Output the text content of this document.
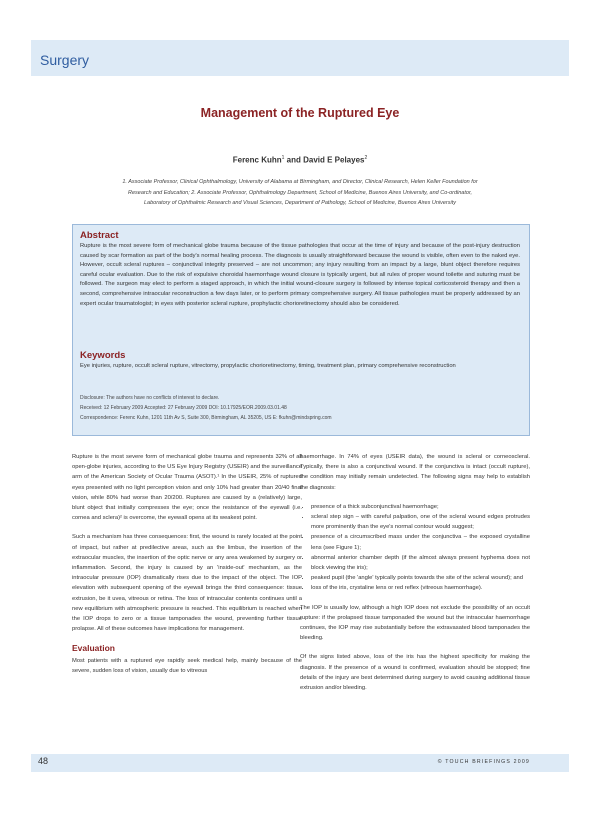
Surgery
Management of the Ruptured Eye
Ferenc Kuhn$^1$ and David E Pelayes$^2$
1. Associate Professor, Clinical Ophthalmology, University of Alabama at Birmingham, and Director, Clinical Research, Helen Keller Foundation for
Research and Education; 2. Associate Professor, Ophthalmology Department, School of Medicine, Buenos Aires University, and Co-ordinator,
Laboratory of Ophthalmic Research and Visual Sciences, Department of Pathology, School of Medicine, Buenos Aires University
Abstract
Rupture is the most severe form of mechanical globe trauma because of the tissue pathologies that occur at the time of injury and because of the post-injury destruction caused by scar formation as part of the body's normal healing process. The diagnosis is usually straightforward because the wound is visible, often even to the naked eye. However, occult scleral ruptures – conjunctival integrity preserved – are not uncommon; any injury resulting from an impact by a large, blunt object therefore requires careful ocular evaluation. Due to the risk of expulsive choroidal haemorrhage wound closure is typically urgent, but all rules of proper wound toilette and suturing must be followed. The surgeon may elect to perform a staged approach, in which the initial wound-closure surgery is followed by intense topical corticosteroid therapy and then a second, comprehensive intraocular reconstruction a few days later, or to perform primary comprehensive surgery. All tissue pathologies must be properly addressed by an expert ocular traumatologist; in eyes with posterior scleral rupture, prophylactic chorioretinectomy should also be considered.
Keywords
Eye injuries, rupture, occult scleral rupture, vitrectomy, propylactic chorioretinectomy, timing, treatment plan, primary comprehensive reconstruction
Disclosure: The authors have no conflicts of interest to declare.
Received: 12 February 2009 Accepted: 27 February 2009 DOI: 10.17925/EOR.2009.03.01.48
Correspondence: Ferenc Kuhn, 1201 11th Av S, Suite 300, Birmingham, AL 35205, US E: fkuhn@mindspring.com

Rupture is the most severe form of mechanical globe trauma and represents 32% of all open-globe injuries, according to the US Eye Injury Registry (USEIR) and the surveillance arm of the American Society of Ocular Trauma (ASOT).¹ In the USEIR, 25% of ruptured eyes presented with no light perception vision and only 10% had greater than 20/40 final vision, while 80% had worse than 20/200. Ruptures are caused by a (relatively) large, blunt object that initially compresses the eye; once the resistance of the eyewall (i.e. cornea and sclera)² is overcome, the eyewall opens at its weakest point.

Such a mechanism has three consequences: first, the wound is rarely located at the point of impact, but rather at predilective areas, such as the limbus, the insertion of the extraocular muscles, the insertion of the optic nerve or any area weakened by surgery or inflammation. Second, the injury is caused by an 'inside-out' mechanism, as the intraocular pressure (IOP) dramatically rises due to the impact of the object. The IOP elevation with subsequent opening of the eyewall brings the third consequence: tissue extrusion, be it uvea, vitreous or retina. The loss of intraocular contents continues until a new equilibrium with atmospheric pressure is reached. This equilibrium is reached when the IOP drops to zero or a tissue tamponades the wound, preventing further tissue prolapse. All of these outcomes have implications for management.

Evaluation

Most patients with a ruptured eye rapidly seek medical help, mainly because of the severe, sudden loss of vision, usually due to vitreous

haemorrhage. In 74% of eyes (USEIR data), the wound is scleral or corneoscleral. Typically, there is also a conjunctival wound. If the conjunctiva is intact (occult rupture), the condition may initially remain undetected. The following signs may help to establish the diagnosis:

• presence of a thick subconjunctival haemorrhage;
• scleral step sign – with careful palpation, one of the scleral wound edges protrudes more prominently than the eye's normal contour would suggest;
• presence of a circumscribed mass under the conjunctiva – the exposed crystalline lens (see Figure 1);
• abnormal anterior chamber depth (if the almost always present hyphema does not block viewing the iris);
• peaked pupil (the 'angle' typically points towards the site of the scleral wound); and
• loss of the iris, crystaline lens or red reflex (vitreous haemorrhage).

The IOP is usually low, although a high IOP does not exclude the possibility of an occult rupture: if the prolapsed tissue tamponaded the wound but the intraocular haemorrhage continues, the IOP may rise substantially before the extravasated blood tamponades the bleeding.

Of the signs listed above, loss of the iris has the highest specificity for making the diagnosis. If the presence of a wound is confirmed, evaluation should be stopped; fine details of the injury are best determined during surgery to avoid causing additional tissue extrusion and/or bleeding.

48	© TOUCH BRIEFINGS 2009
